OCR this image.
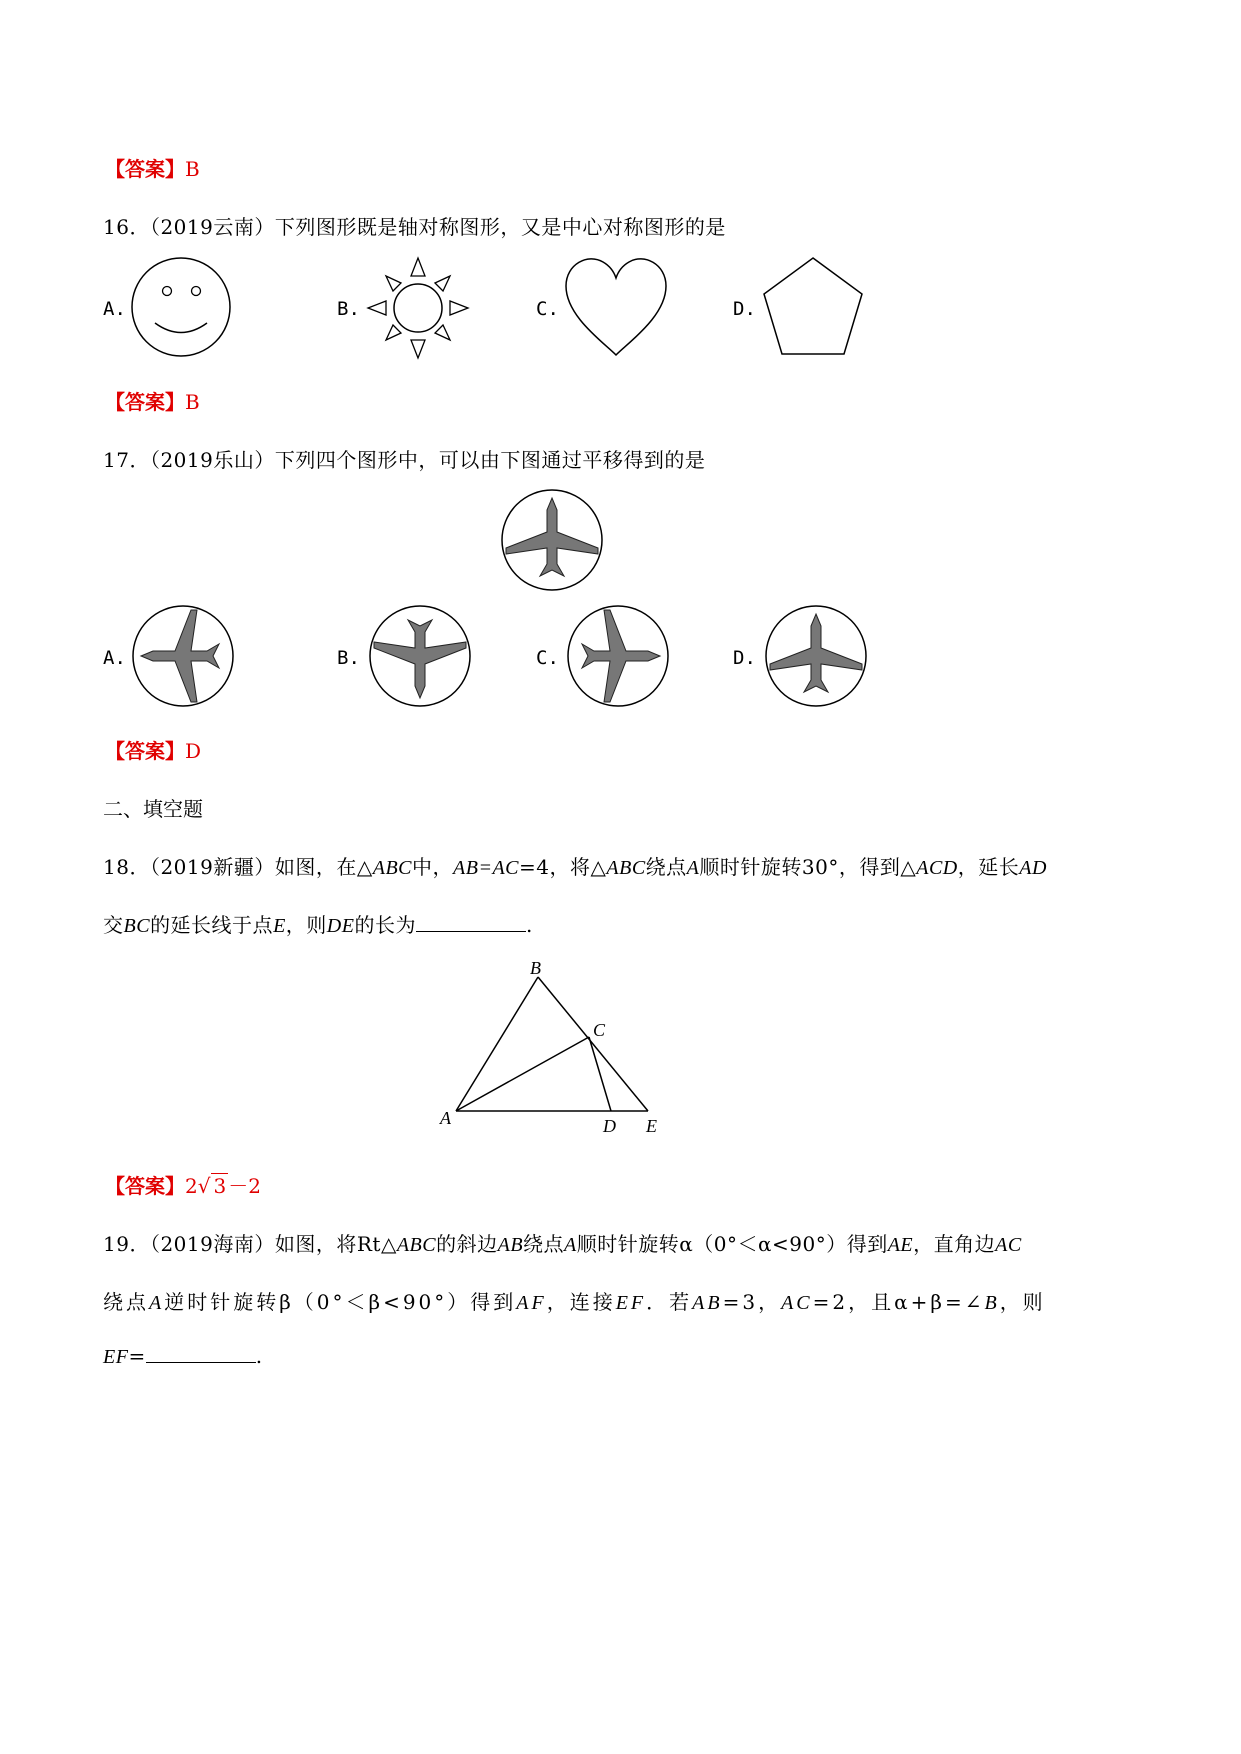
【答案】B
16．（2019云南）下列图形既是轴对称图形，又是中心对称图形的是
A.	B.	C.	D.
【答案】B
17．（2019乐山）下列四个图形中，可以由下图通过平移得到的是
A.	B.	C.	D.
【答案】D
二、填空题
18．（2019新疆）如图，在△ABC中，AB=AC=4，将△ABC绕点A顺时针旋转30°，得到△ACD，延长AD
交BC的延长线于点E，则DE的长为	.
B
C
A	D E
【答案】2√ 3 －2
19．（2019海南）如图，将Rt△ABC的斜边AB绕点A顺时针旋转α（0°＜α<90°）得到AE，直角边AC
绕点A逆时针旋转β（0°＜β<90°）得到AF，连接EF．若AB=3，AC=2，且α+β=∠B，则
EF=	.
